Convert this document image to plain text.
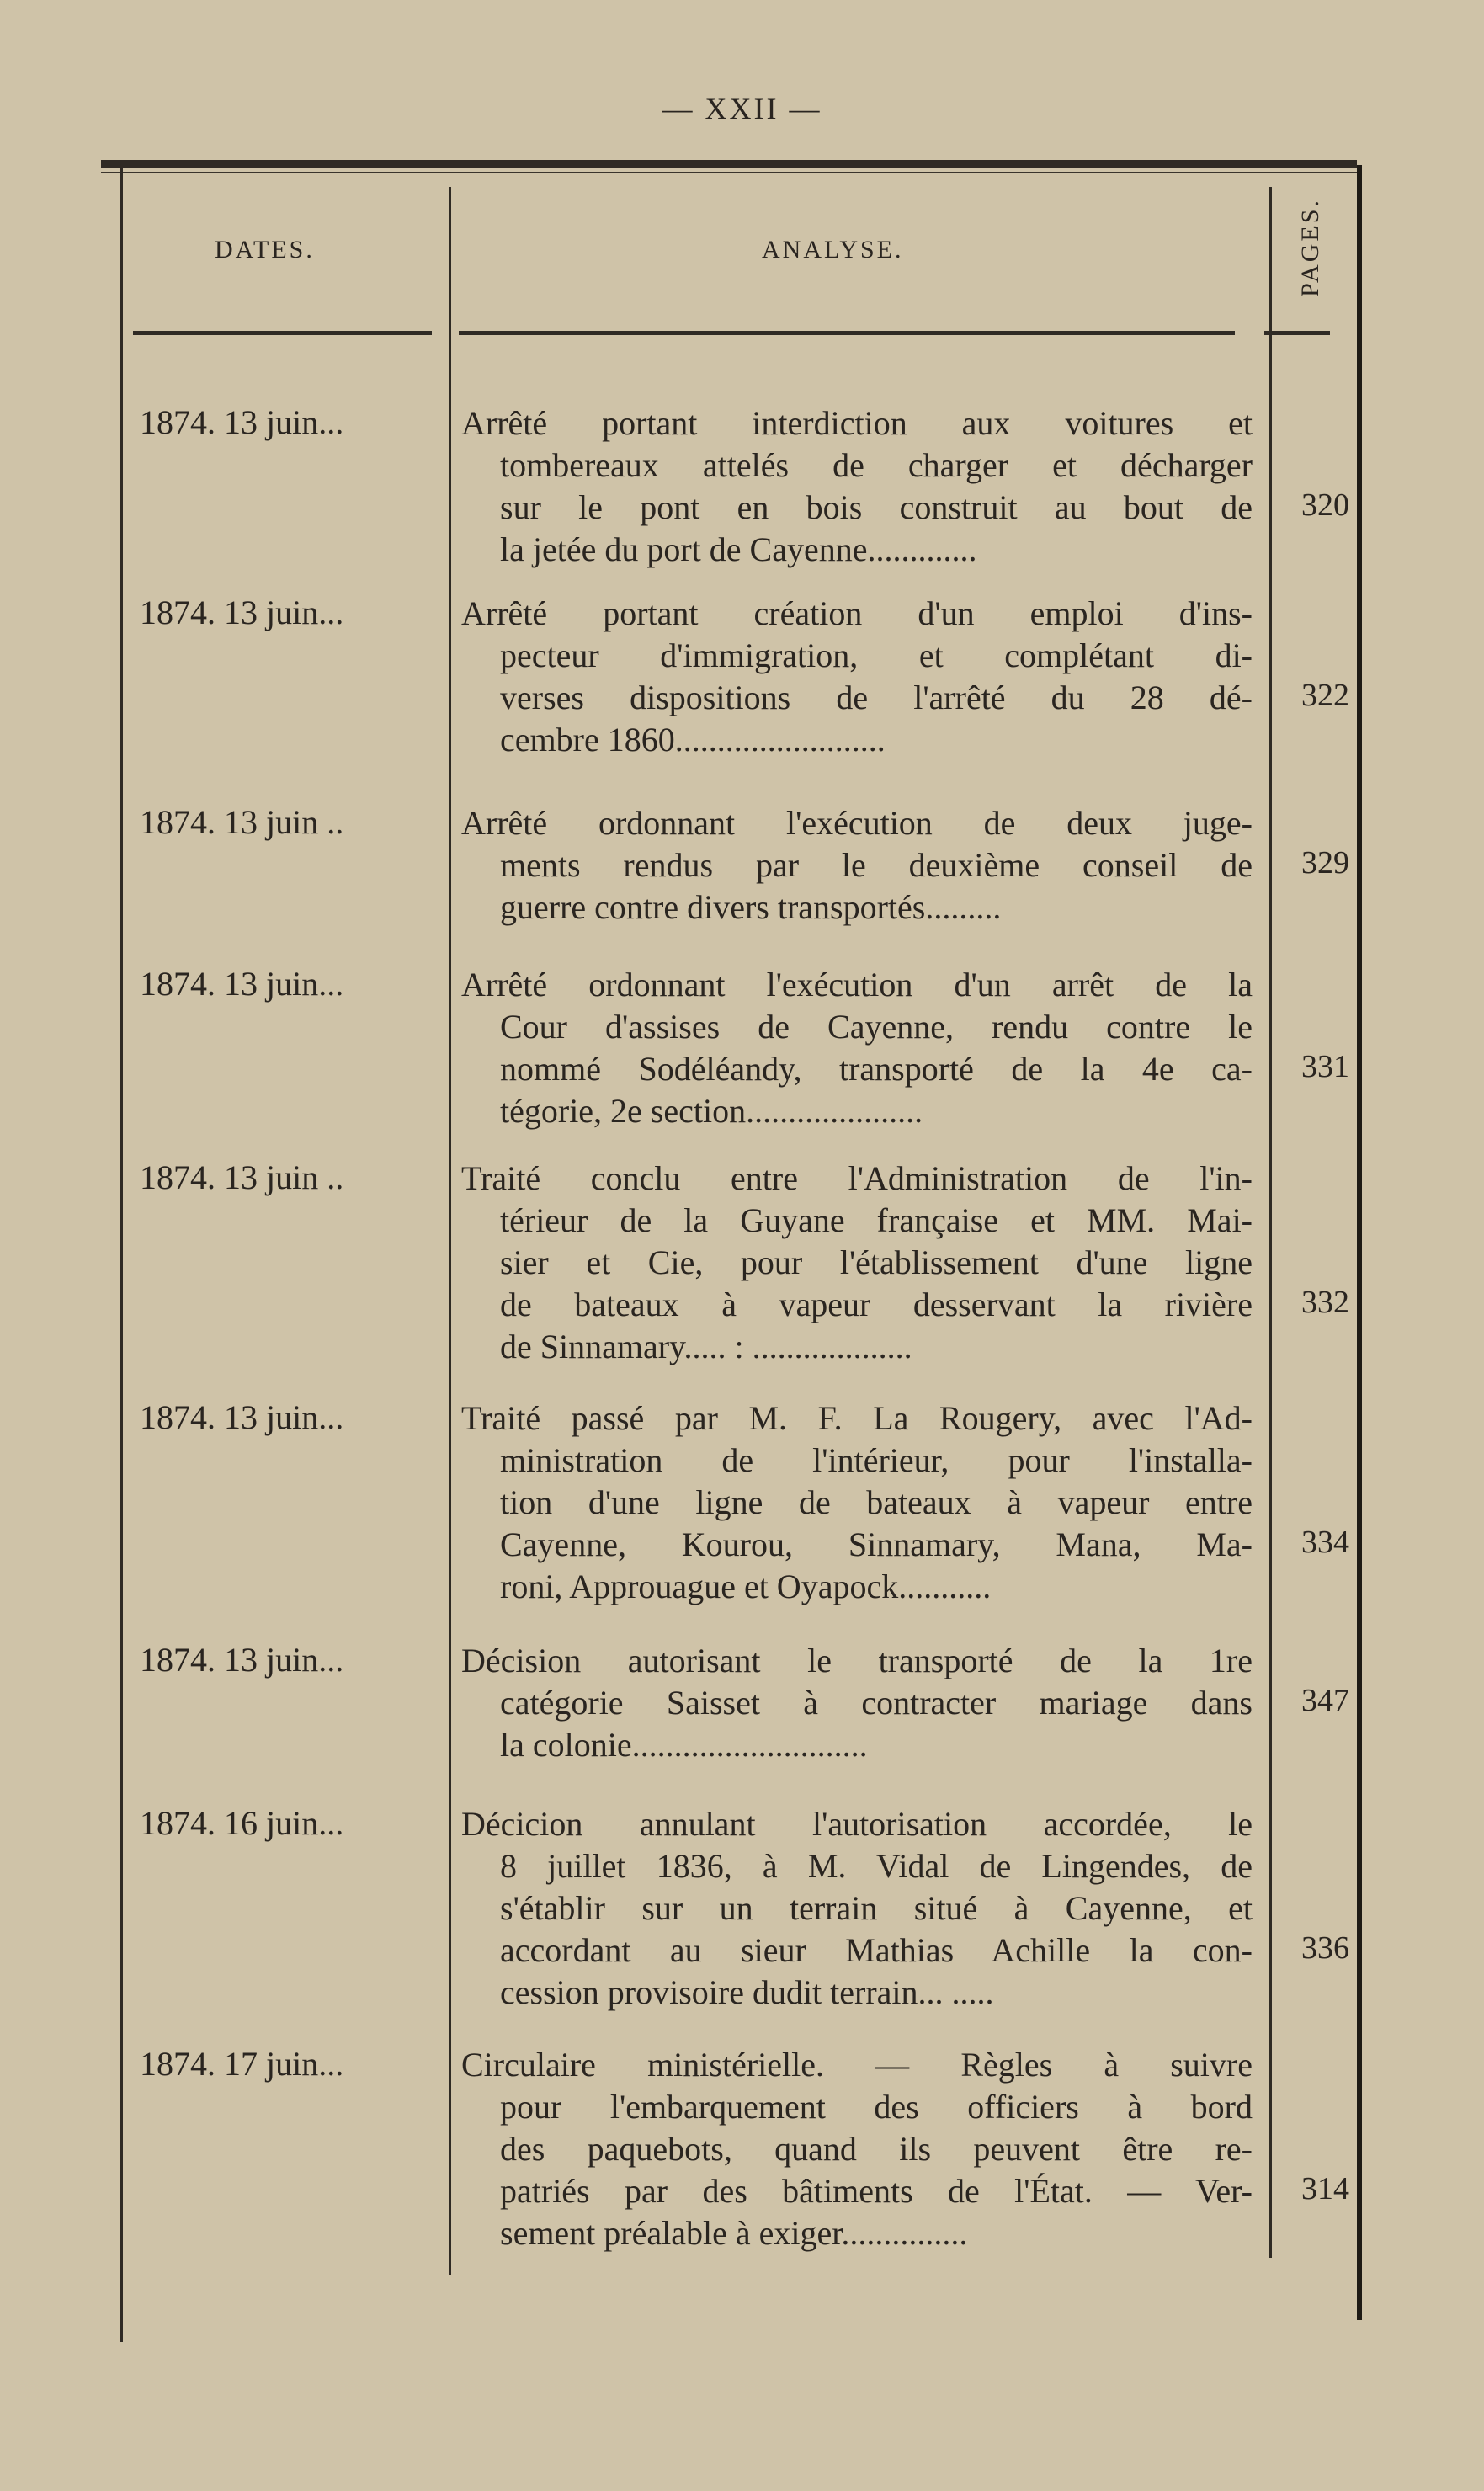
— XXII —
DATES.	ANALYSE.	PAGES.
1874. 13 juin...	Arrêté portant interdiction aux voitures et
tombereaux attelés de charger et décharger
sur le pont en bois construit au bout de
la jetée du port de Cayenne.............
320
1874. 13 juin...	Arrêté portant création d'un emploi d'ins-
pecteur d'immigration, et complétant di-
verses dispositions de l'arrêté du 28 dé-
cembre 1860.........................
322
1874. 13 juin ..	Arrêté ordonnant l'exécution de deux juge-
ments rendus par le deuxième conseil de
guerre contre divers transportés.........
329
1874. 13 juin...	Arrêté ordonnant l'exécution d'un arrêt de la
Cour d'assises de Cayenne, rendu contre le
nommé Sodéléandy, transporté de la 4e ca-
tégorie, 2e section.....................
331
1874. 13 juin ..	Traité conclu entre l'Administration de l'in-
térieur de la Guyane française et MM. Mai-
sier et Cie, pour l'établissement d'une ligne
de bateaux à vapeur desservant la rivière
de Sinnamary..... : ...................
332
1874. 13 juin...	Traité passé par M. F. La Rougery, avec l'Ad-
ministration de l'intérieur, pour l'installa-
tion d'une ligne de bateaux à vapeur entre
Cayenne, Kourou, Sinnamary, Mana, Ma-
roni, Approuague et Oyapock...........
334
1874. 13 juin...	Décision autorisant le transporté de la 1re
catégorie Saisset à contracter mariage dans
la colonie............................
347
1874. 16 juin...	Décicion annulant l'autorisation accordée, le
8 juillet 1836, à M. Vidal de Lingendes, de
s'établir sur un terrain situé à Cayenne, et
accordant au sieur Mathias Achille la con-
cession provisoire dudit terrain... .....
336
1874. 17 juin...	Circulaire ministérielle. — Règles à suivre
pour l'embarquement des officiers à bord
des paquebots, quand ils peuvent être re-
patriés par des bâtiments de l'État. — Ver-
sement préalable à exiger...............
314
